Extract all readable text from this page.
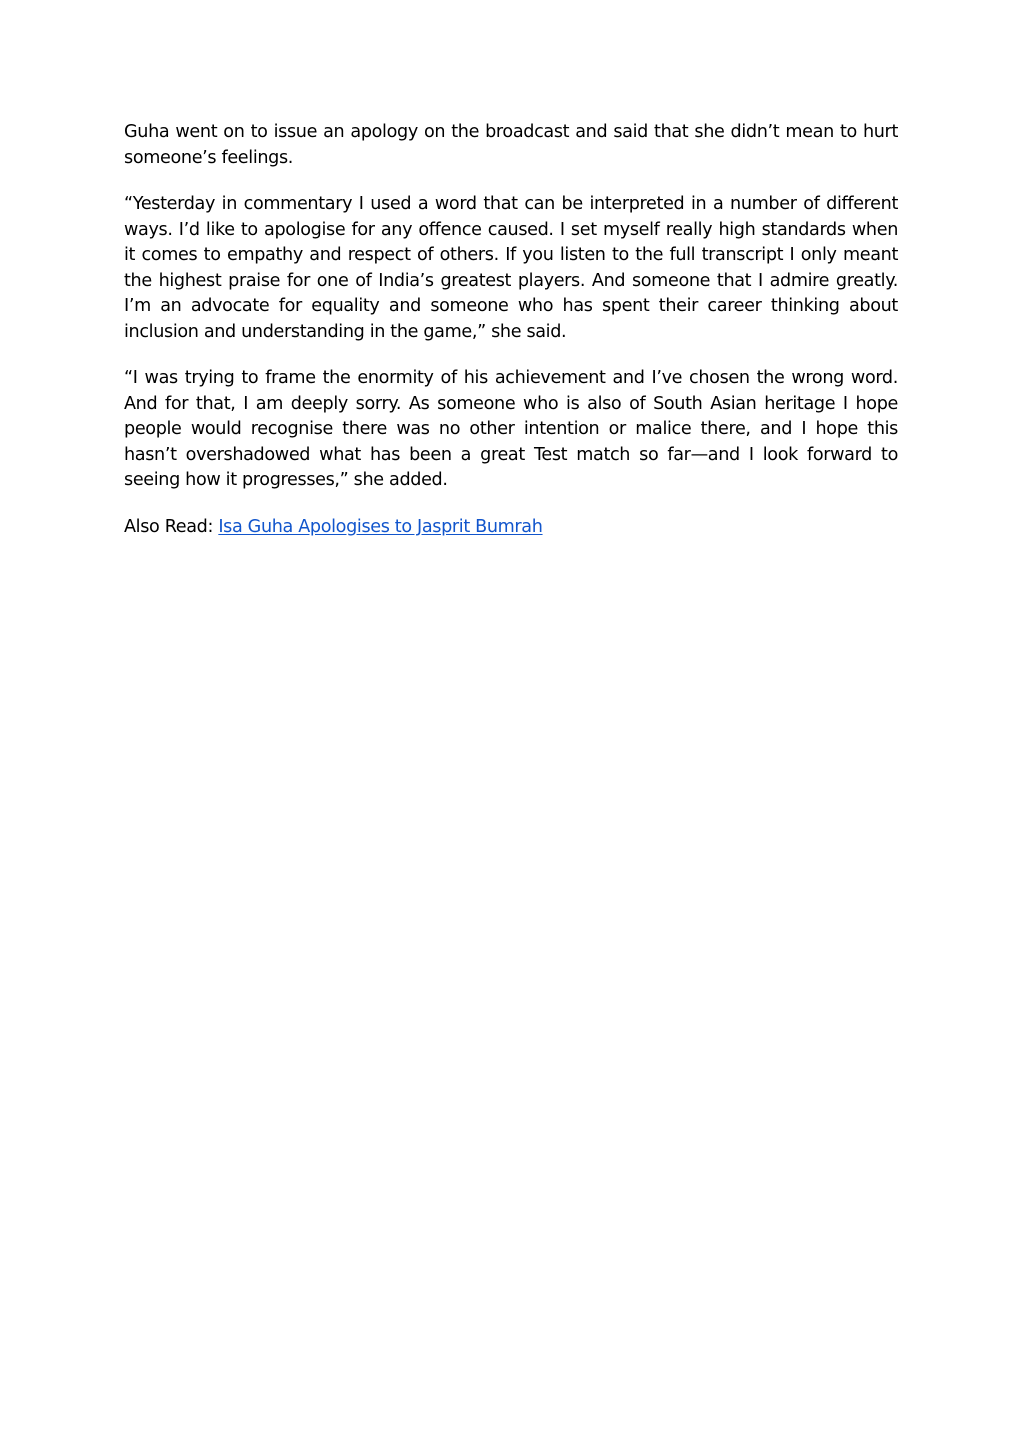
Guha went on to issue an apology on the broadcast and said that she didn’t mean to hurt someone’s feelings.

“Yesterday in commentary I used a word that can be interpreted in a number of different ways. I’d like to apologise for any offence caused. I set myself really high standards when it comes to empathy and respect of others. If you listen to the full transcript I only meant the highest praise for one of India’s greatest players. And someone that I admire greatly. I’m an advocate for equality and someone who has spent their career thinking about inclusion and understanding in the game,” she said.

“I was trying to frame the enormity of his achievement and I’ve chosen the wrong word. And for that, I am deeply sorry. As someone who is also of South Asian heritage I hope people would recognise there was no other intention or malice there, and I hope this hasn’t overshadowed what has been a great Test match so far—and I look forward to seeing how it progresses,” she added.

Also Read: Isa Guha Apologises to Jasprit Bumrah
